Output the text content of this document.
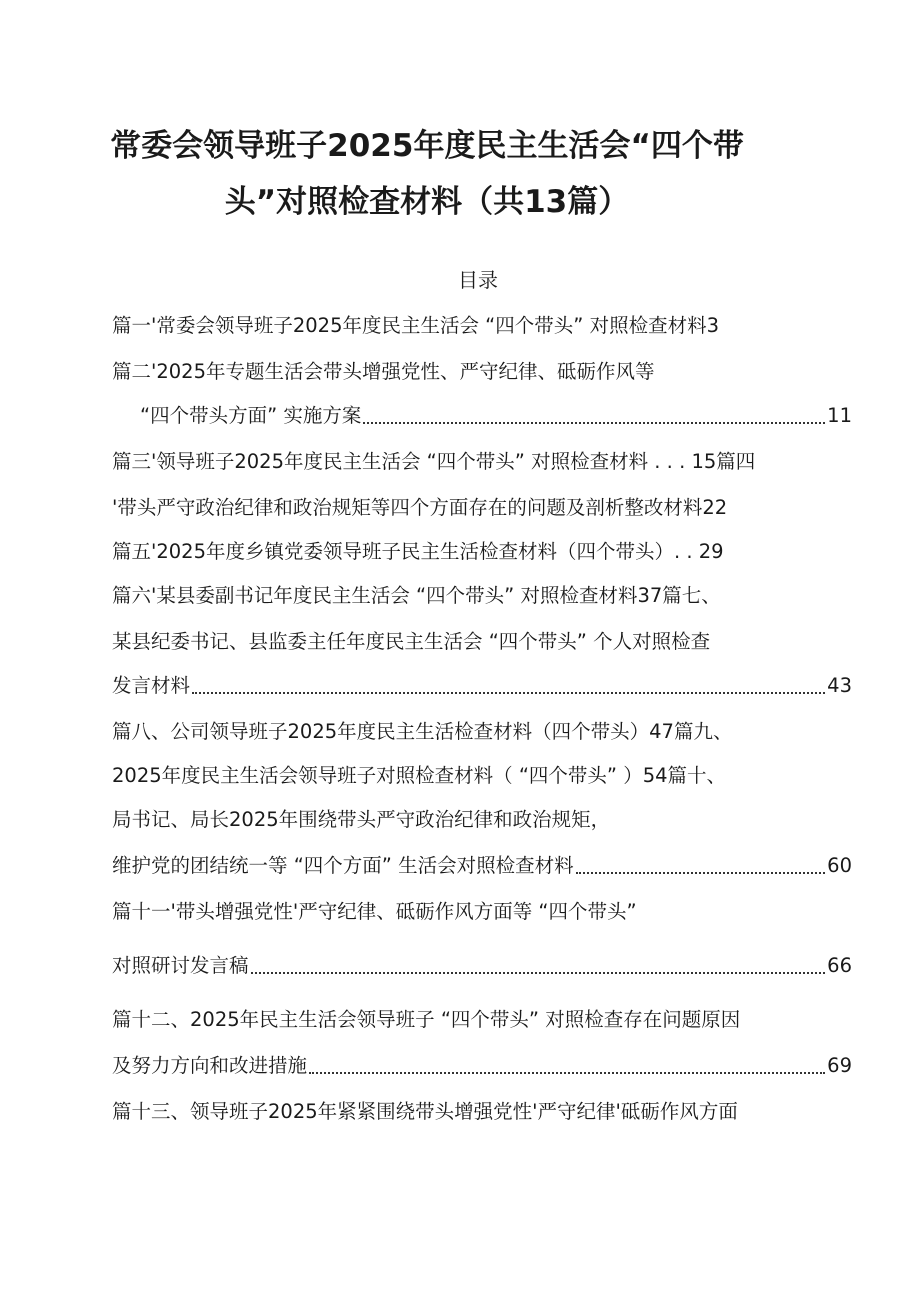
常委会领导班子2025年度民主生活会“四个带
头”对照检查材料（共13篇）
目录
篇一'常委会领导班子2025年度民主生活会 “四个带头” 对照检查材料3
篇二'2025年专题生活会带头增强党性、严守纪律、砥砺作风等
“四个带头方面” 实施方案	11
篇三'领导班子2025年度民主生活会 “四个带头” 对照检查材料 . . . 15篇四
'带头严守政治纪律和政治规矩等四个方面存在的问题及剖析整改材料22
篇五'2025年度乡镇党委领导班子民主生活检查材料（四个带头）. . 29
篇六'某县委副书记年度民主生活会 “四个带头” 对照检查材料37篇七、
某县纪委书记、县监委主任年度民主生活会 “四个带头” 个人对照检查
发言材料	43
篇八、公司领导班子2025年度民主生活检查材料（四个带头）47篇九、
2025年度民主生活会领导班子对照检查材料（ “四个带头” ）54篇十、
局书记、局长2025年围绕带头严守政治纪律和政治规矩，
维护党的团结统一等 “四个方面” 生活会对照检查材料	60
篇十一'带头增强党性'严守纪律、砥砺作风方面等 “四个带头”
对照研讨发言稿	66
篇十二、2025年民主生活会领导班子 “四个带头” 对照检查存在问题原因
及努力方向和改进措施	69
篇十三、领导班子2025年紧紧围绕带头增强党性'严守纪律'砥砺作风方面
